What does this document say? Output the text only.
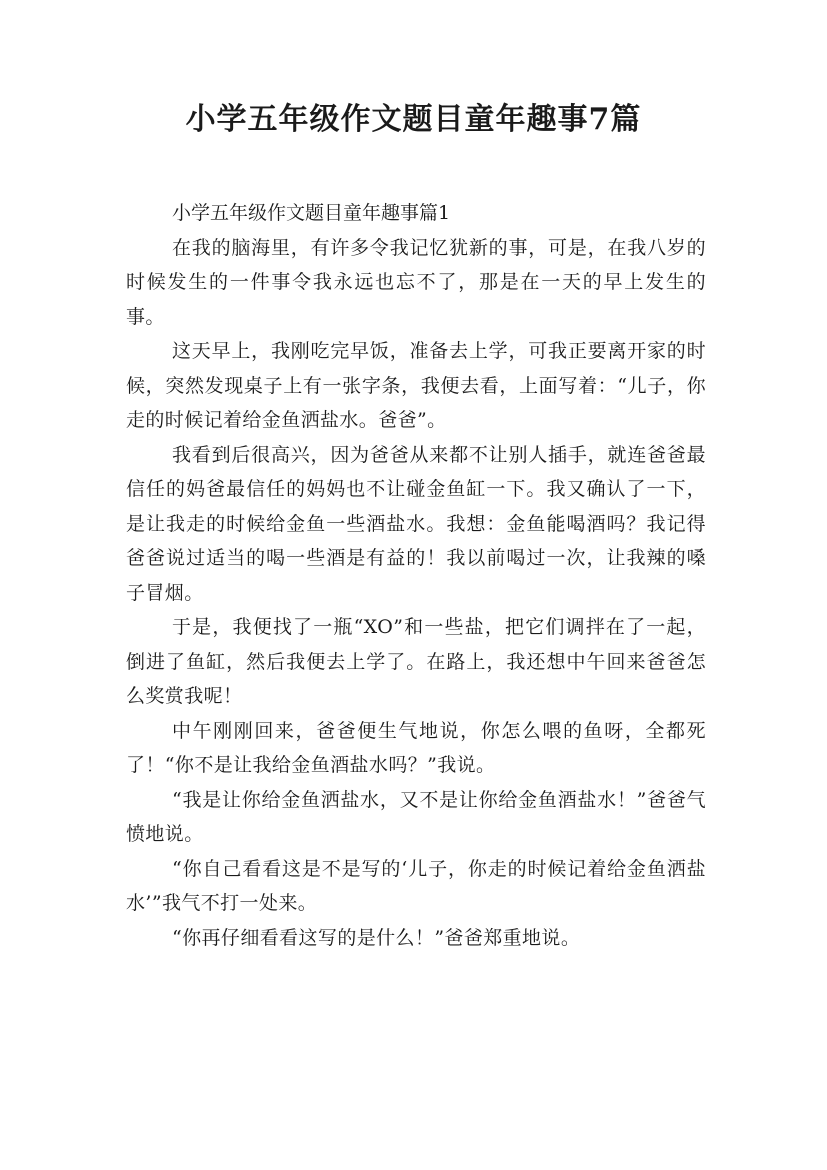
小学五年级作文题目童年趣事7篇

小学五年级作文题目童年趣事篇1

在我的脑海里，有许多令我记忆犹新的事，可是，在我八岁的时候发生的一件事令我永远也忘不了，那是在一天的早上发生的事。

这天早上，我刚吃完早饭，准备去上学，可我正要离开家的时候，突然发现桌子上有一张字条，我便去看，上面写着：“儿子，你走的时候记着给金鱼洒盐水。爸爸”。

我看到后很高兴，因为爸爸从来都不让别人插手，就连爸爸最信任的妈爸最信任的妈妈也不让碰金鱼缸一下。我又确认了一下，是让我走的时候给金鱼一些酒盐水。我想：金鱼能喝酒吗？我记得爸爸说过适当的喝一些酒是有益的！我以前喝过一次，让我辣的嗓子冒烟。

于是，我便找了一瓶“XO”和一些盐，把它们调拌在了一起，倒进了鱼缸，然后我便去上学了。在路上，我还想中午回来爸爸怎么奖赏我呢！

中午刚刚回来，爸爸便生气地说，你怎么喂的鱼呀，全都死了！“你不是让我给金鱼酒盐水吗？”我说。

“我是让你给金鱼洒盐水，又不是让你给金鱼酒盐水！”爸爸气愤地说。

“你自己看看这是不是写的‘儿子，你走的时候记着给金鱼洒盐水’”我气不打一处来。

“你再仔细看看这写的是什么！”爸爸郑重地说。
